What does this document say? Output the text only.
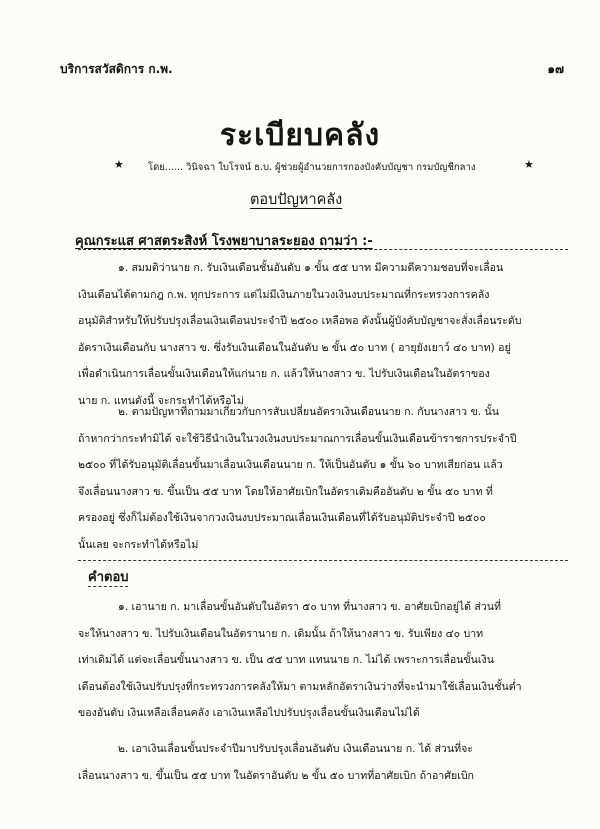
บริการสวัสดิการ ก.พ.	๑๗
ระเบียบคลัง
★	โดย...... วินิจฉา ใบโรจน์ ธ.บ. ผู้ช่วยผู้อำนวยการกองบังคับบัญชา กรมบัญชีกลาง	★
ตอบปัญหาคลัง
คุณกระแส ศาสตระสิงห์ โรงพยาบาลระยอง ถามว่า :-
๑. สมมติว่านาย ก. รับเงินเดือนชั้นอันดับ ๑ ขั้น ๕๕ บาท มีความดีความชอบที่จะเลื่อน
เงินเดือนได้ตามกฎ ก.พ. ทุกประการ แต่ไม่มีเงินภายในวงเงินงบประมาณที่กระทรวงการคลัง
อนุมัติสำหรับให้ปรับปรุงเลื่อนเงินเดือนประจำปี ๒๕๐๐ เหลือพอ ดังนั้นผู้บังคับบัญชาจะสั่งเลื่อนระดับ
อัตราเงินเดือนกับ นางสาว ข. ซึ่งรับเงินเดือนในอันดับ ๒ ขั้น ๕๐ บาท ( อายุยังเยาว์ ๔๐ บาท) อยู่
เพื่อดำเนินการเลื่อนขั้นเงินเดือนให้แก่นาย ก. แล้วให้นางสาว ข. ไปรับเงินเดือนในอัตราของ
นาย ก. แทนดังนี้ จะกระทำได้หรือไม่
๒. ตามปัญหาที่ถามมาเกี่ยวกับการสับเปลี่ยนอัตราเงินเดือนนาย ก. กับนางสาว ข. นั้น
ถ้าหากว่ากระทำมิได้ จะใช้วิธีนำเงินในวงเงินงบประมาณการเลื่อนขั้นเงินเดือนข้าราชการประจำปี
๒๕๐๐ ที่ได้รับอนุมัติเลื่อนขั้นมาเลื่อนเงินเดือนนาย ก. ให้เป็นอันดับ ๑ ขั้น ๖๐ บาทเสียก่อน แล้ว
จึงเลื่อนนางสาว ข. ขึ้นเป็น ๕๕ บาท โดยให้อาศัยเบิกในอัตราเดิมคืออันดับ ๒ ขั้น ๕๐ บาท ที่
ครองอยู่ ซึ่งก็ไม่ต้องใช้เงินจากวงเงินงบประมาณเลื่อนเงินเดือนที่ได้รับอนุมัติประจำปี ๒๕๐๐
นั้นเลย จะกระทำได้หรือไม่
คำตอบ
๑. เอานาย ก. มาเลื่อนขั้นอันดับในอัตรา ๕๐ บาท ที่นางสาว ข. อาศัยเบิกอยู่ได้ ส่วนที่
จะให้นางสาว ข. ไปรับเงินเดือนในอัตรานาย ก. เดิมนั้น ถ้าให้นางสาว ข. รับเพียง ๔๐ บาท
เท่าเดิมได้ แต่จะเลื่อนขั้นนางสาว ข. เป็น ๕๕ บาท แทนนาย ก. ไม่ได้ เพราะการเลื่อนขั้นเงิน
เดือนต้องใช้เงินปรับปรุงที่กระทรวงการคลังให้มา ตามหลักอัตราเงินว่างที่จะนำมาใช้เลื่อนเงินชั้นต่ำ
ของอันดับ เงินเหลือเลื่อนคลัง เอาเงินเหลือไปปรับปรุงเลื่อนขั้นเงินเดือนไม่ได้
๒. เอาเงินเลื่อนขั้นประจำปีมาปรับปรุงเลื่อนอันดับ เงินเดือนนาย ก. ได้ ส่วนที่จะ
เลื่อนนางสาว ข. ขึ้นเป็น ๕๕ บาท ในอัตราอันดับ ๒ ขั้น ๕๐ บาทที่อาศัยเบิก ถ้าอาศัยเบิก
